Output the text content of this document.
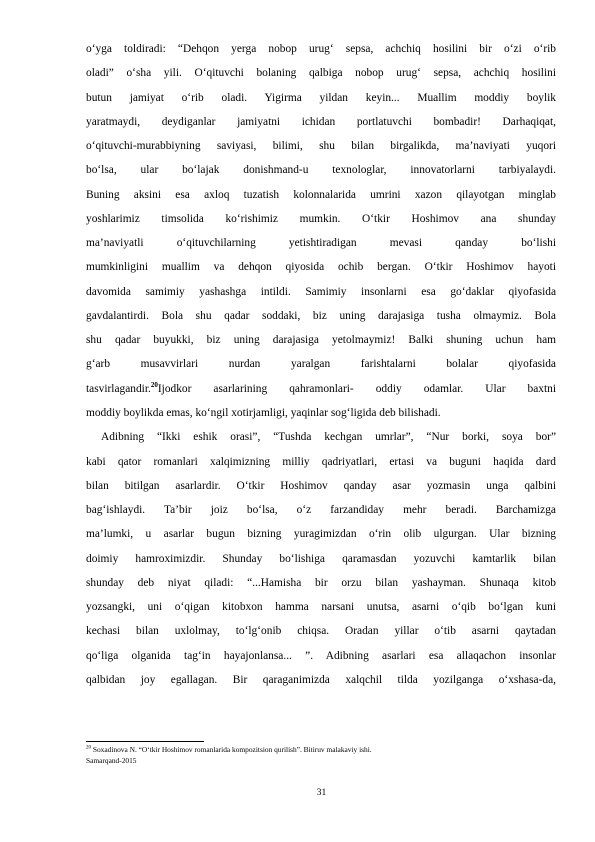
o‘yga toldiradi: “Dehqon yerga nobop urug‘ sepsa, achchiq hosilini bir o‘zi o‘rib
oladi” o‘sha yili. O‘qituvchi bolaning qalbiga nobop urug‘ sepsa, achchiq hosilini
butun jamiyat o‘rib oladi. Yigirma yildan keyin... Muallim moddiy boylik
yaratmaydi, deydiganlar jamiyatni ichidan portlatuvchi bombadir! Darhaqiqat,
o‘qituvchi-murabbiyning saviyasi, bilimi, shu bilan birgalikda, ma’naviyati yuqori
bo‘lsa, ular bo‘lajak donishmand-u texnologlar, innovatorlarni tarbiyalaydi.
Buning aksini esa axloq tuzatish kolonnalarida umrini xazon qilayotgan minglab
yoshlarimiz timsolida ko‘rishimiz mumkin. O‘tkir Hoshimov ana shunday
ma’naviyatli o‘qituvchilarning yetishtiradigan mevasi qanday bo‘lishi
mumkinligini muallim va dehqon qiyosida ochib bergan. O‘tkir Hoshimov hayoti
davomida samimiy yashashga intildi. Samimiy insonlarni esa go‘daklar qiyofasida
gavdalantirdi. Bola shu qadar soddaki, biz uning darajasiga tusha olmaymiz. Bola
shu qadar buyukki, biz uning darajasiga yetolmaymiz! Balki shuning uchun ham
g‘arb musavvirlari nurdan yaralgan farishtalarni bolalar qiyofasida
tasvirlagandir.$^{20}$Ijodkor asarlarining qahramonlari- oddiy odamlar. Ular baxtni
moddiy boylikda emas, ko‘ngil xotirjamligi, yaqinlar sog‘ligida deb bilishadi.
Adibning “Ikki eshik orasi”, “Tushda kechgan umrlar”, “Nur borki, soya bor”
kabi qator romanlari xalqimizning milliy qadriyatlari, ertasi va buguni haqida dard
bilan bitilgan asarlardir. O‘tkir Hoshimov qanday asar yozmasin unga qalbini
bag‘ishlaydi. Ta’bir joiz bo‘lsa, o‘z farzandiday mehr beradi. Barchamizga
ma’lumki, u asarlar bugun bizning yuragimizdan o‘rin olib ulgurgan. Ular bizning
doimiy hamroximizdir. Shunday bo‘lishiga qaramasdan yozuvchi kamtarlik bilan
shunday deb niyat qiladi: “...Hamisha bir orzu bilan yashayman. Shunaqa kitob
yozsangki, uni o‘qigan kitobxon hamma narsani unutsa, asarni o‘qib bo‘lgan kuni
kechasi bilan uxlolmay, to‘lg‘onib chiqsa. Oradan yillar o‘tib asarni qaytadan
qo‘liga olganida tag‘in hayajonlansa... ”. Adibning asarlari esa allaqachon insonlar
qalbidan joy egallagan. Bir qaraganimizda xalqchil tilda yozilganga o‘xshasa-da,
$^{20}$ Soxadinova N. “O‘tkir Hoshimov romanlarida kompozitsion qurilish”. Bitiruv malakaviy ishi.
Samarqand-2015
31
